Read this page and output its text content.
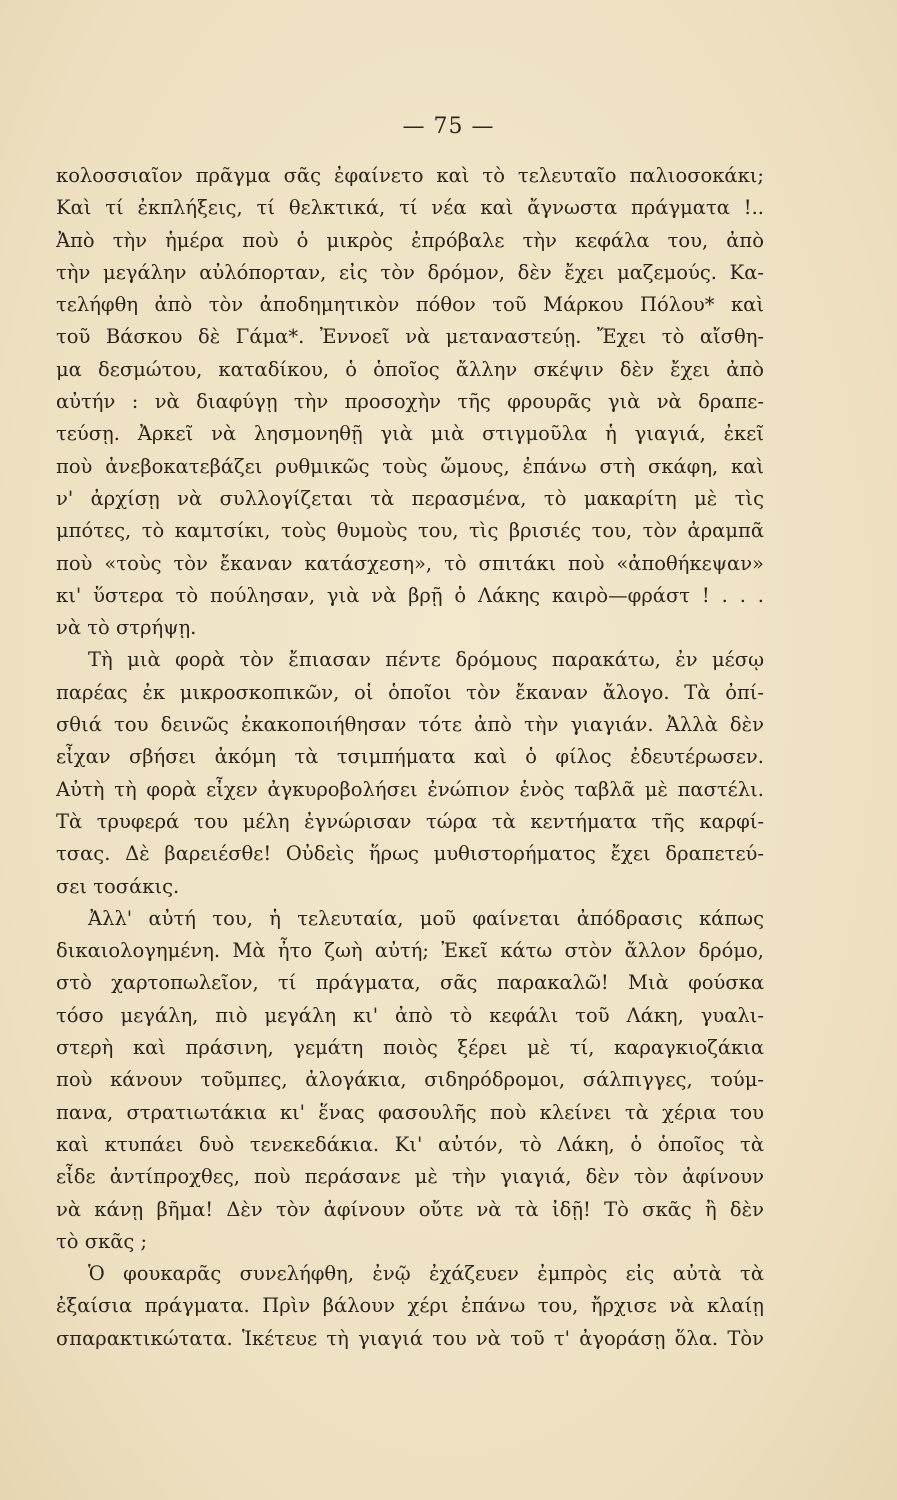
— 75 —
κολοσσιαῖον πρᾶγμα σᾶς ἐφαίνετο καὶ τὸ τελευταῖο παλιοσοκάκι;
Καὶ τί ἐκπλήξεις, τί θελκτικά, τί νέα καὶ ἄγνωστα πράγματα !..
Ἀπὸ τὴν ἡμέρα ποὺ ὁ μικρὸς ἐπρόβαλε τὴν κεφάλα του, ἀπὸ
τὴν μεγάλην αὐλόπορταν, εἰς τὸν δρόμον, δὲν ἔχει μαζεμούς. Κα-
τελήφθη ἀπὸ τὸν ἀποδημητικὸν πόθον τοῦ Μάρκου Πόλου* καὶ
τοῦ Βάσκου δὲ Γάμα*. Ἐννοεῖ νὰ μεταναστεύῃ. Ἔχει τὸ αἴσθη-
μα δεσμώτου, καταδίκου, ὁ ὁποῖος ἄλλην σκέψιν δὲν ἔχει ἀπὸ
αὐτήν : νὰ διαφύγῃ τὴν προσοχὴν τῆς φρουρᾶς γιὰ νὰ δραπε-
τεύσῃ. Ἀρκεῖ νὰ λησμονηθῇ γιὰ μιὰ στιγμοῦλα ἡ γιαγιά, ἐκεῖ
ποὺ ἀνεβοκατεβάζει ρυθμικῶς τοὺς ὤμους, ἐπάνω στὴ σκάφη, καὶ
ν' ἀρχίσῃ νὰ συλλογίζεται τὰ περασμένα, τὸ μακαρίτη μὲ τὶς
μπότες, τὸ καμτσίκι, τοὺς θυμοὺς του, τὶς βρισιές του, τὸν ἀραμπᾶ
ποὺ «τοὺς τὸν ἔκαναν κατάσχεση», τὸ σπιτάκι ποὺ «ἀποθήκεψαν»
κι' ὕστερα τὸ πούλησαν, γιὰ νὰ βρῇ ὁ Λάκης καιρὸ—φράστ ! . . .
νὰ τὸ στρήψῃ.
Τὴ μιὰ φορὰ τὸν ἔπιασαν πέντε δρόμους παρακάτω, ἐν μέσῳ
παρέας ἐκ μικροσκοπικῶν, οἱ ὁποῖοι τὸν ἔκαναν ἄλογο. Τὰ ὀπί-
σθιά του δεινῶς ἐκακοποιήθησαν τότε ἀπὸ τὴν γιαγιάν. Ἀλλὰ δὲν
εἶχαν σβήσει ἀκόμη τὰ τσιμπήματα καὶ ὁ φίλος ἐδευτέρωσεν.
Αὐτὴ τὴ φορὰ εἶχεν ἀγκυροβολήσει ἐνώπιον ἑνὸς ταβλᾶ μὲ παστέλι.
Τὰ τρυφερά του μέλη ἐγνώρισαν τώρα τὰ κεντήματα τῆς καρφί-
τσας. Δὲ βαρειέσθε! Οὐδεὶς ἥρως μυθιστορήματος ἔχει δραπετεύ-
σει τοσάκις.
Ἀλλ' αὐτή του, ἡ τελευταία, μοῦ φαίνεται ἀπόδρασις κάπως
δικαιολογημένη. Μὰ ἦτο ζωὴ αὐτή; Ἐκεῖ κάτω στὸν ἄλλον δρόμο,
στὸ χαρτοπωλεῖον, τί πράγματα, σᾶς παρακαλῶ! Μιὰ φούσκα
τόσο μεγάλη, πιὸ μεγάλη κι' ἀπὸ τὸ κεφάλι τοῦ Λάκη, γυαλι-
στερὴ καὶ πράσινη, γεμάτη ποιὸς ξέρει μὲ τί, καραγκιοζάκια
ποὺ κάνουν τοῦμπες, ἀλογάκια, σιδηρόδρομοι, σάλπιγγες, τούμ-
πανα, στρατιωτάκια κι' ἕνας φασουλῆς ποὺ κλείνει τὰ χέρια του
καὶ κτυπάει δυὸ τενεκεδάκια. Κι' αὐτόν, τὸ Λάκη, ὁ ὁποῖος τὰ
εἶδε ἀντίπροχθες, ποὺ περάσανε μὲ τὴν γιαγιά, δὲν τὸν ἀφίνουν
νὰ κάνῃ βῆμα! Δὲν τὸν ἀφίνουν οὔτε νὰ τὰ ἰδῇ! Τὸ σκᾶς ἢ δὲν
τὸ σκᾶς ;
Ὁ φουκαρᾶς συνελήφθη, ἐνῷ ἐχάζευεν ἐμπρὸς εἰς αὐτὰ τὰ
ἐξαίσια πράγματα. Πρὶν βάλουν χέρι ἐπάνω του, ἤρχισε νὰ κλαίῃ
σπαρακτικώτατα. Ἱκέτευε τὴ γιαγιά του νὰ τοῦ τ' ἀγοράσῃ ὅλα. Τὸν
